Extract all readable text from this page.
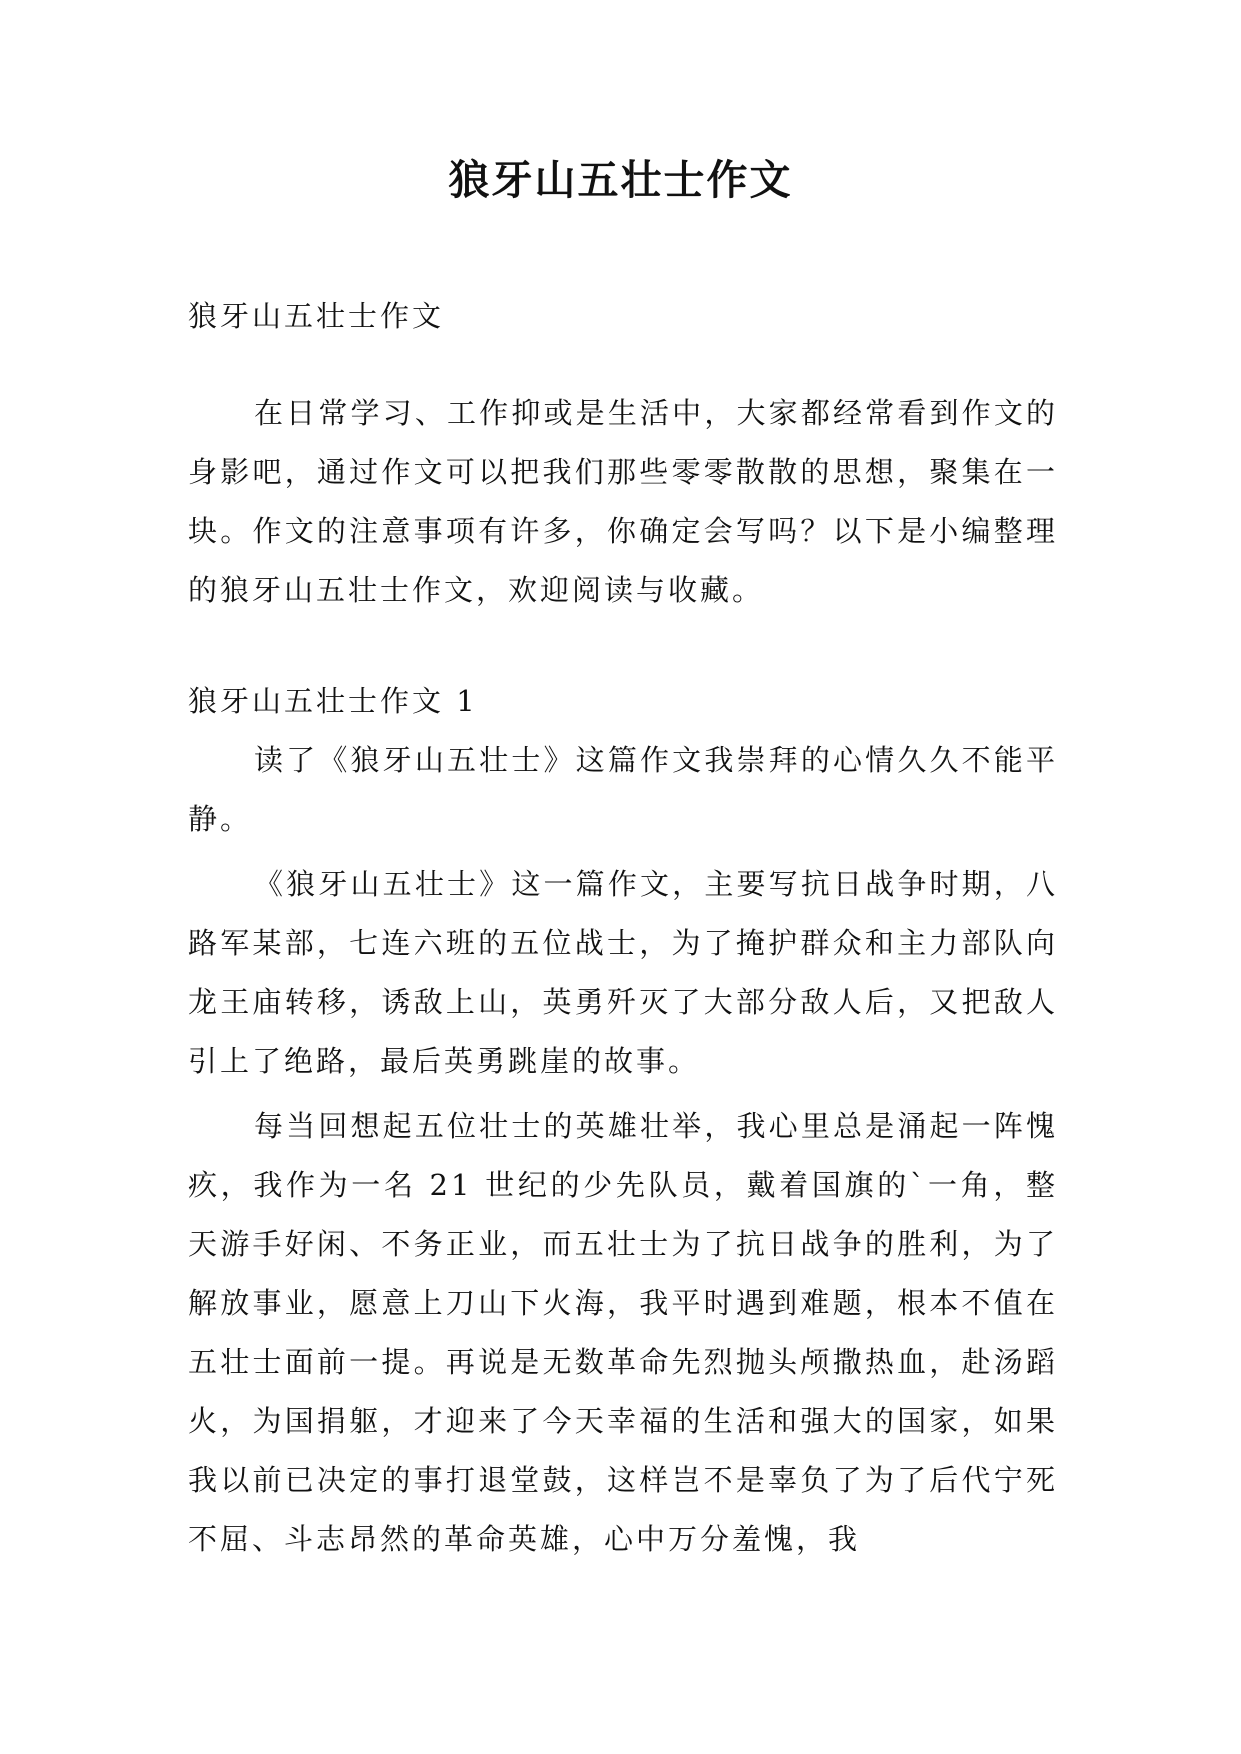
狼牙山五壮士作文

狼牙山五壮士作文

在日常学习、工作抑或是生活中，大家都经常看到作文的身影吧，通过作文可以把我们那些零零散散的思想，聚集在一块。作文的注意事项有许多，你确定会写吗？以下是小编整理的狼牙山五壮士作文，欢迎阅读与收藏。

狼牙山五壮士作文 1

读了《狼牙山五壮士》这篇作文我崇拜的心情久久不能平静。

《狼牙山五壮士》这一篇作文，主要写抗日战争时期，八路军某部，七连六班的五位战士，为了掩护群众和主力部队向龙王庙转移，诱敌上山，英勇歼灭了大部分敌人后，又把敌人引上了绝路，最后英勇跳崖的故事。

每当回想起五位壮士的英雄壮举，我心里总是涌起一阵愧疚，我作为一名 21 世纪的少先队员，戴着国旗的`一角，整天游手好闲、不务正业，而五壮士为了抗日战争的胜利，为了解放事业，愿意上刀山下火海，我平时遇到难题，根本不值在五壮士面前一提。再说是无数革命先烈抛头颅撒热血，赴汤蹈火，为国捐躯，才迎来了今天幸福的生活和强大的国家，如果我以前已决定的事打退堂鼓，这样岂不是辜负了为了后代宁死不屈、斗志昂然的革命英雄，心中万分羞愧，我
